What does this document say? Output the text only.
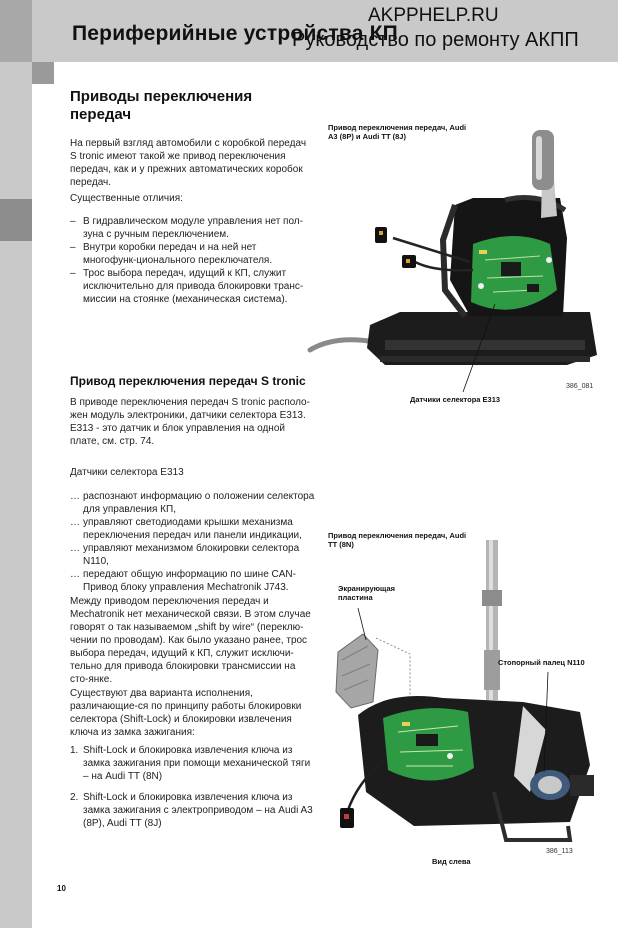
Периферийные устройства КП
AKPPHELP.RU
Руководство по ремонту АКПП
Приводы переключения передач
На первый взгляд автомобили с коробкой передач S tronic имеют такой же привод переключения передач, как и у прежних автоматических коробок передач.
Существенные отличия:
– В гидравлическом модуле управления нет пол-зуна с ручным переключением.
– Внутри коробки передач и на ней нет многофунк-ционального переключателя.
– Трос выбора передач, идущий к КП, служит исключительно для привода блокировки транс-миссии на стоянке (механическая система).
Привод переключения передач S tronic
В приводе переключения передач S tronic располо-жен модуль электроники, датчики селектора E313. E313 - это датчик и блок управления на одной плате, см. стр. 74.
Датчики селектора E313
… распознают информацию о положении селектора для управления КП,
… управляют светодиодами крышки механизма переключения передач или панели индикации,
… управляют механизмом блокировки селектора N110,
… передают общую информацию по шине CAN-Привод блоку управления Mechatronik J743.
Между приводом переключения передач и Mechatronik нет механической связи. В этом случае говорят о так называемом „shift by wire“ (переклю-чении по проводам). Как было указано ранее, трос выбора передач, идущий к КП, служит исключи-тельно для привода блокировки трансмиссии на сто-янке.
Существуют два варианта исполнения, различающие-ся по принципу работы блокировки селектора (Shift-Lock) и блокировки извлечения ключа из замка зажигания:
1. Shift-Lock и блокировка извлечения ключа из замка зажигания при помощи механической тяги – на Audi TT (8N)
2. Shift-Lock и блокировка извлечения ключа из замка зажигания с электроприводом – на Audi A3 (8P), Audi TT (8J)
10
Привод переключения передач, Audi A3 (8P) и Audi TT (8J)
Датчики селектора E313
386_081
Привод переключения передач, Audi TT (8N)
Экранирующая пластина
Стопорный палец N110
386_113
Вид слева
